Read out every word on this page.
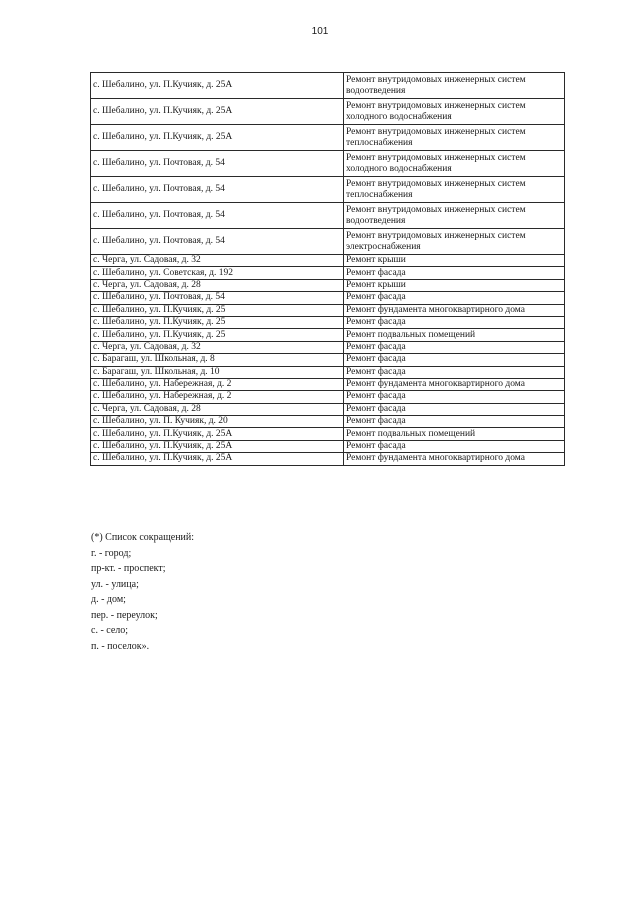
101
с. Шебалино, ул. П.Кучияк, д. 25А	Ремонт внутридомовых инженерных систем водоотведения
с. Шебалино, ул. П.Кучияк, д. 25А	Ремонт внутридомовых инженерных систем холодного водоснабжения
с. Шебалино, ул. П.Кучияк, д. 25А	Ремонт внутридомовых инженерных систем теплоснабжения
с. Шебалино, ул. Почтовая, д. 54	Ремонт внутридомовых инженерных систем холодного водоснабжения
с. Шебалино, ул. Почтовая, д. 54	Ремонт внутридомовых инженерных систем теплоснабжения
с. Шебалино, ул. Почтовая, д. 54	Ремонт внутридомовых инженерных систем водоотведения
с. Шебалино, ул. Почтовая, д. 54	Ремонт внутридомовых инженерных систем электроснабжения
с. Черга, ул. Садовая, д. 32	Ремонт крыши
с. Шебалино, ул. Советская, д. 192	Ремонт фасада
с. Черга, ул. Садовая, д. 28	Ремонт крыши
с. Шебалино, ул. Почтовая, д. 54	Ремонт фасада
с. Шебалино, ул. П.Кучияк, д. 25	Ремонт фундамента многоквартирного дома
с. Шебалино, ул. П.Кучияк, д. 25	Ремонт фасада
с. Шебалино, ул. П.Кучияк, д. 25	Ремонт подвальных помещений
с. Черга, ул. Садовая, д. 32	Ремонт фасада
с. Барагаш, ул. Школьная, д. 8	Ремонт фасада
с. Барагаш, ул. Школьная, д. 10	Ремонт фасада
с. Шебалино, ул. Набережная, д. 2	Ремонт фундамента многоквартирного дома
с. Шебалино, ул. Набережная, д. 2	Ремонт фасада
с. Черга, ул. Садовая, д. 28	Ремонт фасада
с. Шебалино, ул. П. Кучияк, д. 20	Ремонт фасада
с. Шебалино, ул. П.Кучияк, д. 25А	Ремонт подвальных помещений
с. Шебалино, ул. П.Кучияк, д. 25А	Ремонт фасада
с. Шебалино, ул. П.Кучияк, д. 25А	Ремонт фундамента многоквартирного дома
(*) Список сокращений:
г. - город;
пр-кт. - проспект;
ул. - улица;
д. - дом;
пер. - переулок;
с. - село;
п. - поселок».
